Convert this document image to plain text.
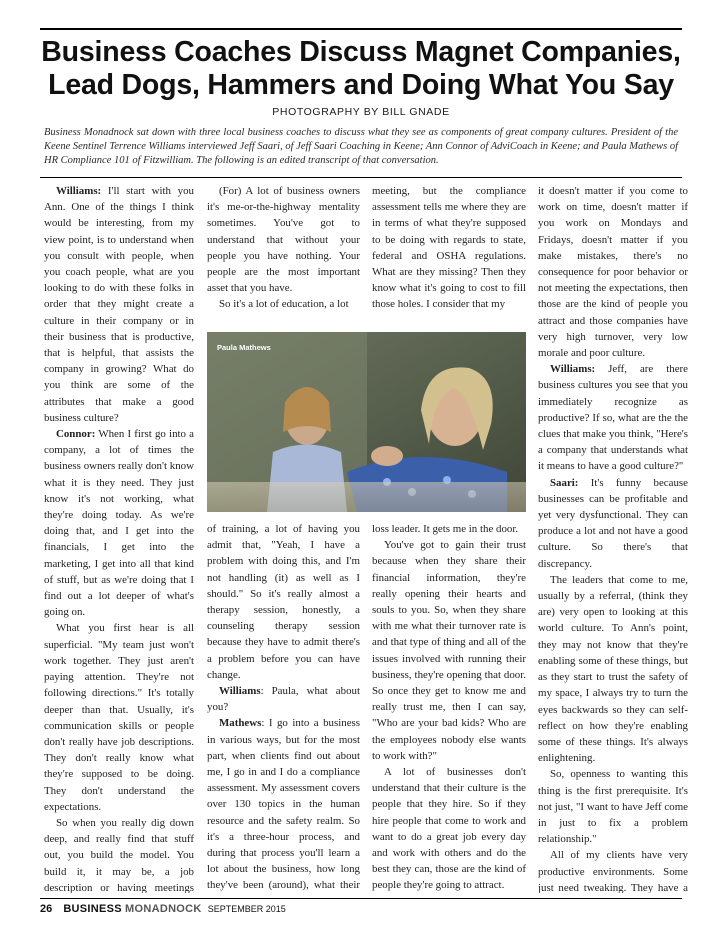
Business Coaches Discuss Magnet Companies, Lead Dogs, Hammers and Doing What You Say
PHOTOGRAPHY BY BILL GNADE
Business Monadnock sat down with three local business coaches to discuss what they see as components of great company cultures. President of the Keene Sentinel Terrence Williams interviewed Jeff Saari, of Jeff Saari Coaching in Keene; Ann Connor of AdviCoach in Keene; and Paula Mathews of HR Compliance 101 of Fitzwilliam. The following is an edited transcript of that conversation.

Williams: I'll start with you Ann. One of the things I think would be interesting, from my view point, is to understand when you consult with people, when you coach people, what are you looking to do with these folks in order that they might create a culture in their company or in their business that is productive, that is helpful, that assists the company in growing? What do you think are some of the attributes that make a good business culture?

Connor: When I first go into a company, a lot of times the business owners really don't know what it is they need. They just know it's not working, what they're doing today. As we're doing that, and I get into the financials, I get into the marketing, I get into all that kind of stuff, but as we're doing that I find out a lot deeper of what's going on.

What you first hear is all superficial. "My team just won't work together. They just aren't paying attention. They're not following directions." It's totally deeper than that. Usually, it's communication skills or people don't really have job descriptions. They don't really know what they're supposed to be doing. They don't understand the expectations.

So when you really dig down deep, and really find that stuff out, you build the model. You build it, it may be, a job description or having meetings

(For) A lot of business owners it's me-or-the-highway mentality sometimes. You've got to understand that without your people you have nothing. Your people are the most important asset that you have.

So it's a lot of education, a lot

meeting, but the compliance assessment tells me where they are in terms of what they're supposed to be doing with regards to state, federal and OSHA regulations. What are they missing? Then they know what it's going to cost to fill those holes. I consider that my

it doesn't matter if you come to work on time, doesn't matter if you work on Mondays and Fridays, doesn't matter if you make mistakes, there's no consequence for poor behavior or not meeting the expectations, then those are the kind of people you attract and those companies have very high turnover, very low morale and poor culture.

Williams: Jeff, are there business cultures you see that you immediately recognize as productive? If so, what are the the clues that make you think, "Here's a company that understands what it means to have a good culture?"

Saari: It's funny because businesses can be profitable and yet very dysfunctional. They can produce a lot and not have a good culture. So there's that discrepancy.

The leaders that come to me, usually by a referral, (think they are) very open to looking at this world culture. To Ann's point, they may not know that they're enabling some of these things, but as they start to trust the safety of my space, I always try to turn the eyes backwards so they can self-reflect on how they're enabling some of these things. It's always enlightening.

So, openness to wanting this thing is the first prerequisite. It's not just, "I want to have Jeff come in just to fix a problem relationship."

All of my clients have very productive environments. Some just need tweaking. They have a

Paula Mathews

of training, a lot of having you admit that, "Yeah, I have a problem with doing this, and I'm not handling (it) as well as I should." So it's really almost a therapy session, honestly, a counseling therapy session because they have to admit there's a problem before you can have change.

Williams: Paula, what about you?

Mathews: I go into a business in various ways, but for the most part, when clients find out about me, I go in and I do a compliance assessment. My assessment covers over 130 topics in the human resource and the safety realm. So it's a three-hour process, and during that process you'll learn a lot about the business, how long they've been (around), what their

loss leader. It gets me in the door.

You've got to gain their trust because when they share their financial information, they're really opening their hearts and souls to you. So, when they share with me what their turnover rate is and that type of thing and all of the issues involved with running their business, they're opening that door. So once they get to know me and really trust me, then I can say, "Who are your bad kids? Who are the employees nobody else wants to work with?"

A lot of businesses don't understand that their culture is the people that they hire. So if they hire people that come to work and want to do a great job every day and work with others and do the best they can, those are the kind of people they're going to attract.

26 BUSINESS MONADNOCK SEPTEMBER 2015
